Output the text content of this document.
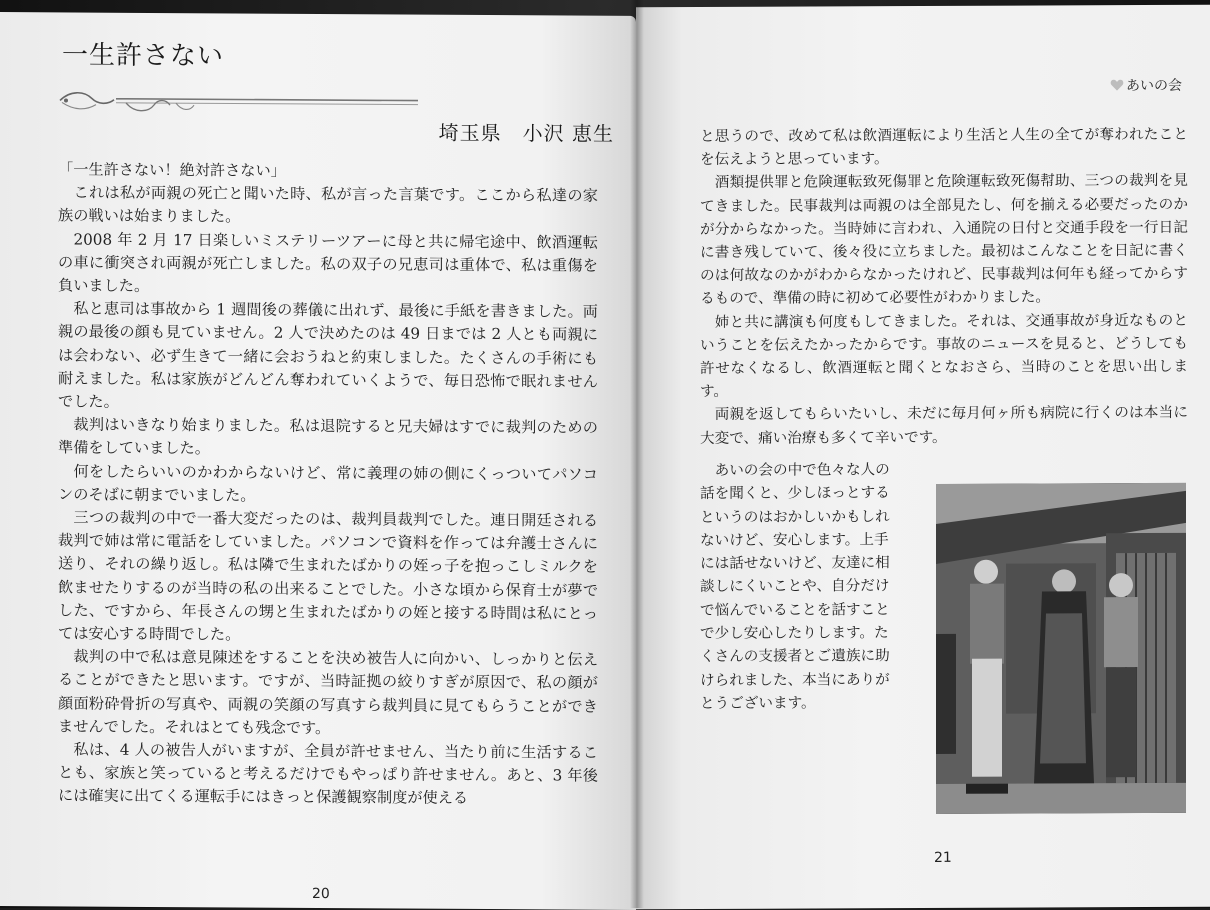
一生許さない
埼玉県　小沢 恵生

「一生許さない！絶対許さない」

　これは私が両親の死亡と聞いた時、私が言った言葉です。ここから私達の家族の戦いは始まりました。

　2008 年 2 月 17 日楽しいミステリーツアーに母と共に帰宅途中、飲酒運転の車に衝突され両親が死亡しました。私の双子の兄恵司は重体で、私は重傷を負いました。

　私と恵司は事故から 1 週間後の葬儀に出れず、最後に手紙を書きました。両親の最後の顔も見ていません。2 人で決めたのは 49 日までは 2 人とも両親には会わない、必ず生きて一緒に会おうねと約束しました。たくさんの手術にも耐えました。私は家族がどんどん奪われていくようで、毎日恐怖で眠れませんでした。

　裁判はいきなり始まりました。私は退院すると兄夫婦はすでに裁判のための準備をしていました。

　何をしたらいいのかわからないけど、常に義理の姉の側にくっついてパソコンのそばに朝までいました。

　三つの裁判の中で一番大変だったのは、裁判員裁判でした。連日開廷される裁判で姉は常に電話をしていました。パソコンで資料を作っては弁護士さんに送り、それの繰り返し。私は隣で生まれたばかりの姪っ子を抱っこしミルクを飲ませたりするのが当時の私の出来ることでした。小さな頃から保育士が夢でした、ですから、年長さんの甥と生まれたばかりの姪と接する時間は私にとっては安心する時間でした。

　裁判の中で私は意見陳述をすることを決め被告人に向かい、しっかりと伝えることができたと思います。ですが、当時証拠の絞りすぎが原因で、私の顔が顔面粉砕骨折の写真や、両親の笑顔の写真すら裁判員に見てもらうことができませんでした。それはとても残念です。

　私は、4 人の被告人がいますが、全員が許せません、当たり前に生活することも、家族と笑っていると考えるだけでもやっぱり許せません。あと、3 年後には確実に出てくる運転手にはきっと保護観察制度が使える

20
あいの会

と思うので、改めて私は飲酒運転により生活と人生の全てが奪われたことを伝えようと思っています。

　酒類提供罪と危険運転致死傷罪と危険運転致死傷幇助、三つの裁判を見てきました。民事裁判は両親のは全部見たし、何を揃える必要だったのかが分からなかった。当時姉に言われ、入通院の日付と交通手段を一行日記に書き残していて、後々役に立ちました。最初はこんなことを日記に書くのは何故なのかがわからなかったけれど、民事裁判は何年も経ってからするもので、準備の時に初めて必要性がわかりました。

　姉と共に講演も何度もしてきました。それは、交通事故が身近なものということを伝えたかったからです。事故のニュースを見ると、どうしても許せなくなるし、飲酒運転と聞くとなおさら、当時のことを思い出します。

　両親を返してもらいたいし、未だに毎月何ヶ所も病院に行くのは本当に大変で、痛い治療も多くて辛いです。

　あいの会の中で色々な人の

話を聞くと、少しほっとする

というのはおかしいかもしれ

ないけど、安心します。上手

には話せないけど、友達に相

談しにくいことや、自分だけ

で悩んでいることを話すこと

で少し安心したりします。た

くさんの支援者とご遺族に助

けられました、本当にありが

とうございます。

21
